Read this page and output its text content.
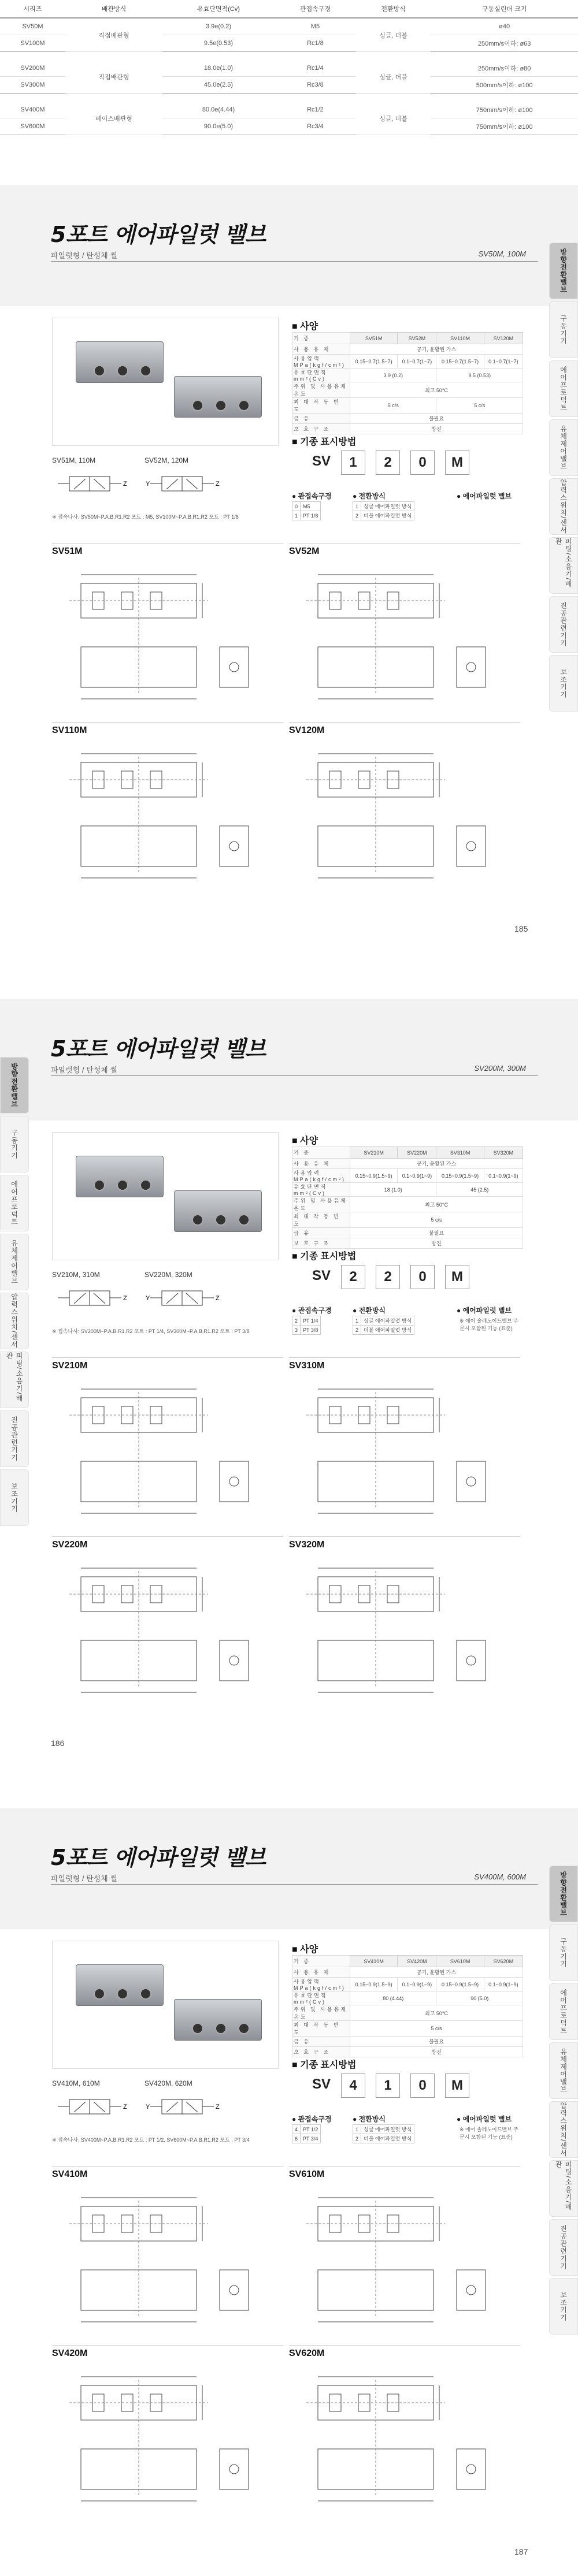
시리즈	배관방식	유효단면적(Cv)	관접속구경	전환방식	구동실린더 크기
SV50M	직접배관형	3.9e(0.2)	M5	싱글, 더블	ø40
SV100M		9.5e(0.53)	Rc1/8		250mm/s이하: ø63

SV200M	직접배관형	18.0e(1.0)	Rc1/4	싱글, 더블	250mm/s이하: ø80
SV300M		45.0e(2.5)	Rc3/8		500mm/s이하: ø100

SV400M	베이스배관형	80.0e(4.44)	Rc1/2	싱글, 더블	750mm/s이하: ø100
SV600M		90.0e(5.0)	Rc3/4		750mm/s이하: ø100
5포트 에어파일럿 밸브
파일럿형 / 탄성체 씰	SV50M, 100M	방향전환밸브
구동기기
에어프로덕트
유체제어밸브
압력스위치/센서
피팅/소음기/배관
진공관련기기
보조기기
SV51M, 110M
Z
SV52M, 120M
Z
Y
※ 접속나사: SV50M~P.A.B.R1.R2 포트 : M5, SV100M~P.A.B.R1.R2 포트 : PT 1/8
■ 사양
기 종	SV51M	SV52M	SV110M	SV120M
사 용 유 체	공기, 윤활된 가스			
사용압력MPa(kgf/cm²)	0.15~0.7(1.5~7)	0.1~0.7(1~7)	0.15~0.7(1.5~7)	0.1~0.7(1~7)
유효단면적 mm²(Cv)	3.9 (0.2)		9.5 (0.53)	
주위 및 사용유체온도	최고 50°C			
최 대 작 동 빈 도	5 c/s		5 c/s	
급 유	불필요			
보 호 구 조	방진			
■ 기종 표시방법
SV	1	2	0	M
● 관접속구경
0	M5
1	PT 1/8
● 전환방식
1	싱글 에어파일럿 방식
2	더블 에어파일럿 방식
● 에어파일럿 밸브
SV51M	SV52M
SV110M	SV120M
185
5포트 에어파일럿 밸브
파일럿형 / 탄성체 씰	SV200M, 300M
방향전환밸브
구동기기
에어프로덕트
유체제어밸브
압력스위치/센서
피팅/소음기/배관
진공관련기기
보조기기
SV210M, 310M
Z
SV220M, 320M
Z
Y
※ 접속나사: SV200M~P.A.B.R1.R2 포트 : PT 1/4, SV300M~P.A.B.R1.R2 포트 : PT 3/8
■ 사양
기 종	SV210M	SV220M	SV310M	SV320M
사 용 유 체	공기, 윤활된 가스			
사용압력MPa(kgf/cm²)	0.15~0.9(1.5~9)	0.1~0.9(1~9)	0.15~0.9(1.5~9)	0.1~0.9(1~9)
유효단면적 mm²(Cv)	18 (1.0)		45 (2.5)	
주위 및 사용유체온도	최고 50°C			
최 대 작 동 빈 도	5 c/s			
급 유	불필요			
보 호 구 조	방진			
■ 기종 표시방법
SV	2	2	0	M
● 관접속구경
2	PT 1/4
3	PT 3/8
● 전환방식
1	싱글 에어파일럿 방식
2	더블 에어파일럿 방식
● 에어파일럿 밸브
※ 에어 솔레노이드밸브 주문시 포함된 기능 (표준)
SV210M	SV310M
SV220M	SV320M
186
5포트 에어파일럿 밸브
파일럿형 / 탄성체 씰	SV400M, 600M	방향전환밸브
구동기기
에어프로덕트
유체제어밸브
압력스위치/센서
피팅/소음기/배관
진공관련기기
보조기기
SV410M, 610M
Z
SV420M, 620M
Z
Y
※ 접속나사: SV400M~P.A.B.R1.R2 포트 : PT 1/2, SV600M~P.A.B.R1.R2 포트 : PT 3/4
■ 사양
기 종	SV410M	SV420M	SV610M	SV620M
사 용 유 체	공기, 윤활된 가스			
사용압력MPa(kgf/cm²)	0.15~0.9(1.5~9)	0.1~0.9(1~9)	0.15~0.9(1.5~9)	0.1~0.9(1~9)
유효단면적 mm²(Cv)	80 (4.44)		90 (5.0)	
주위 및 사용유체온도	최고 50°C			
최 대 작 동 빈 도	5 c/s			
급 유	불필요			
보 호 구 조	방진			
■ 기종 표시방법
SV	4	1	0	M
● 관접속구경
4	PT 1/2
6	PT 3/4
● 전환방식
1	싱글 에어파일럿 방식
2	더블 에어파일럿 방식
● 에어파일럿 밸브
※ 에어 솔레노이드밸브 주문시 포함된 기능 (표준)
SV410M	SV610M
SV420M	SV620M
187
